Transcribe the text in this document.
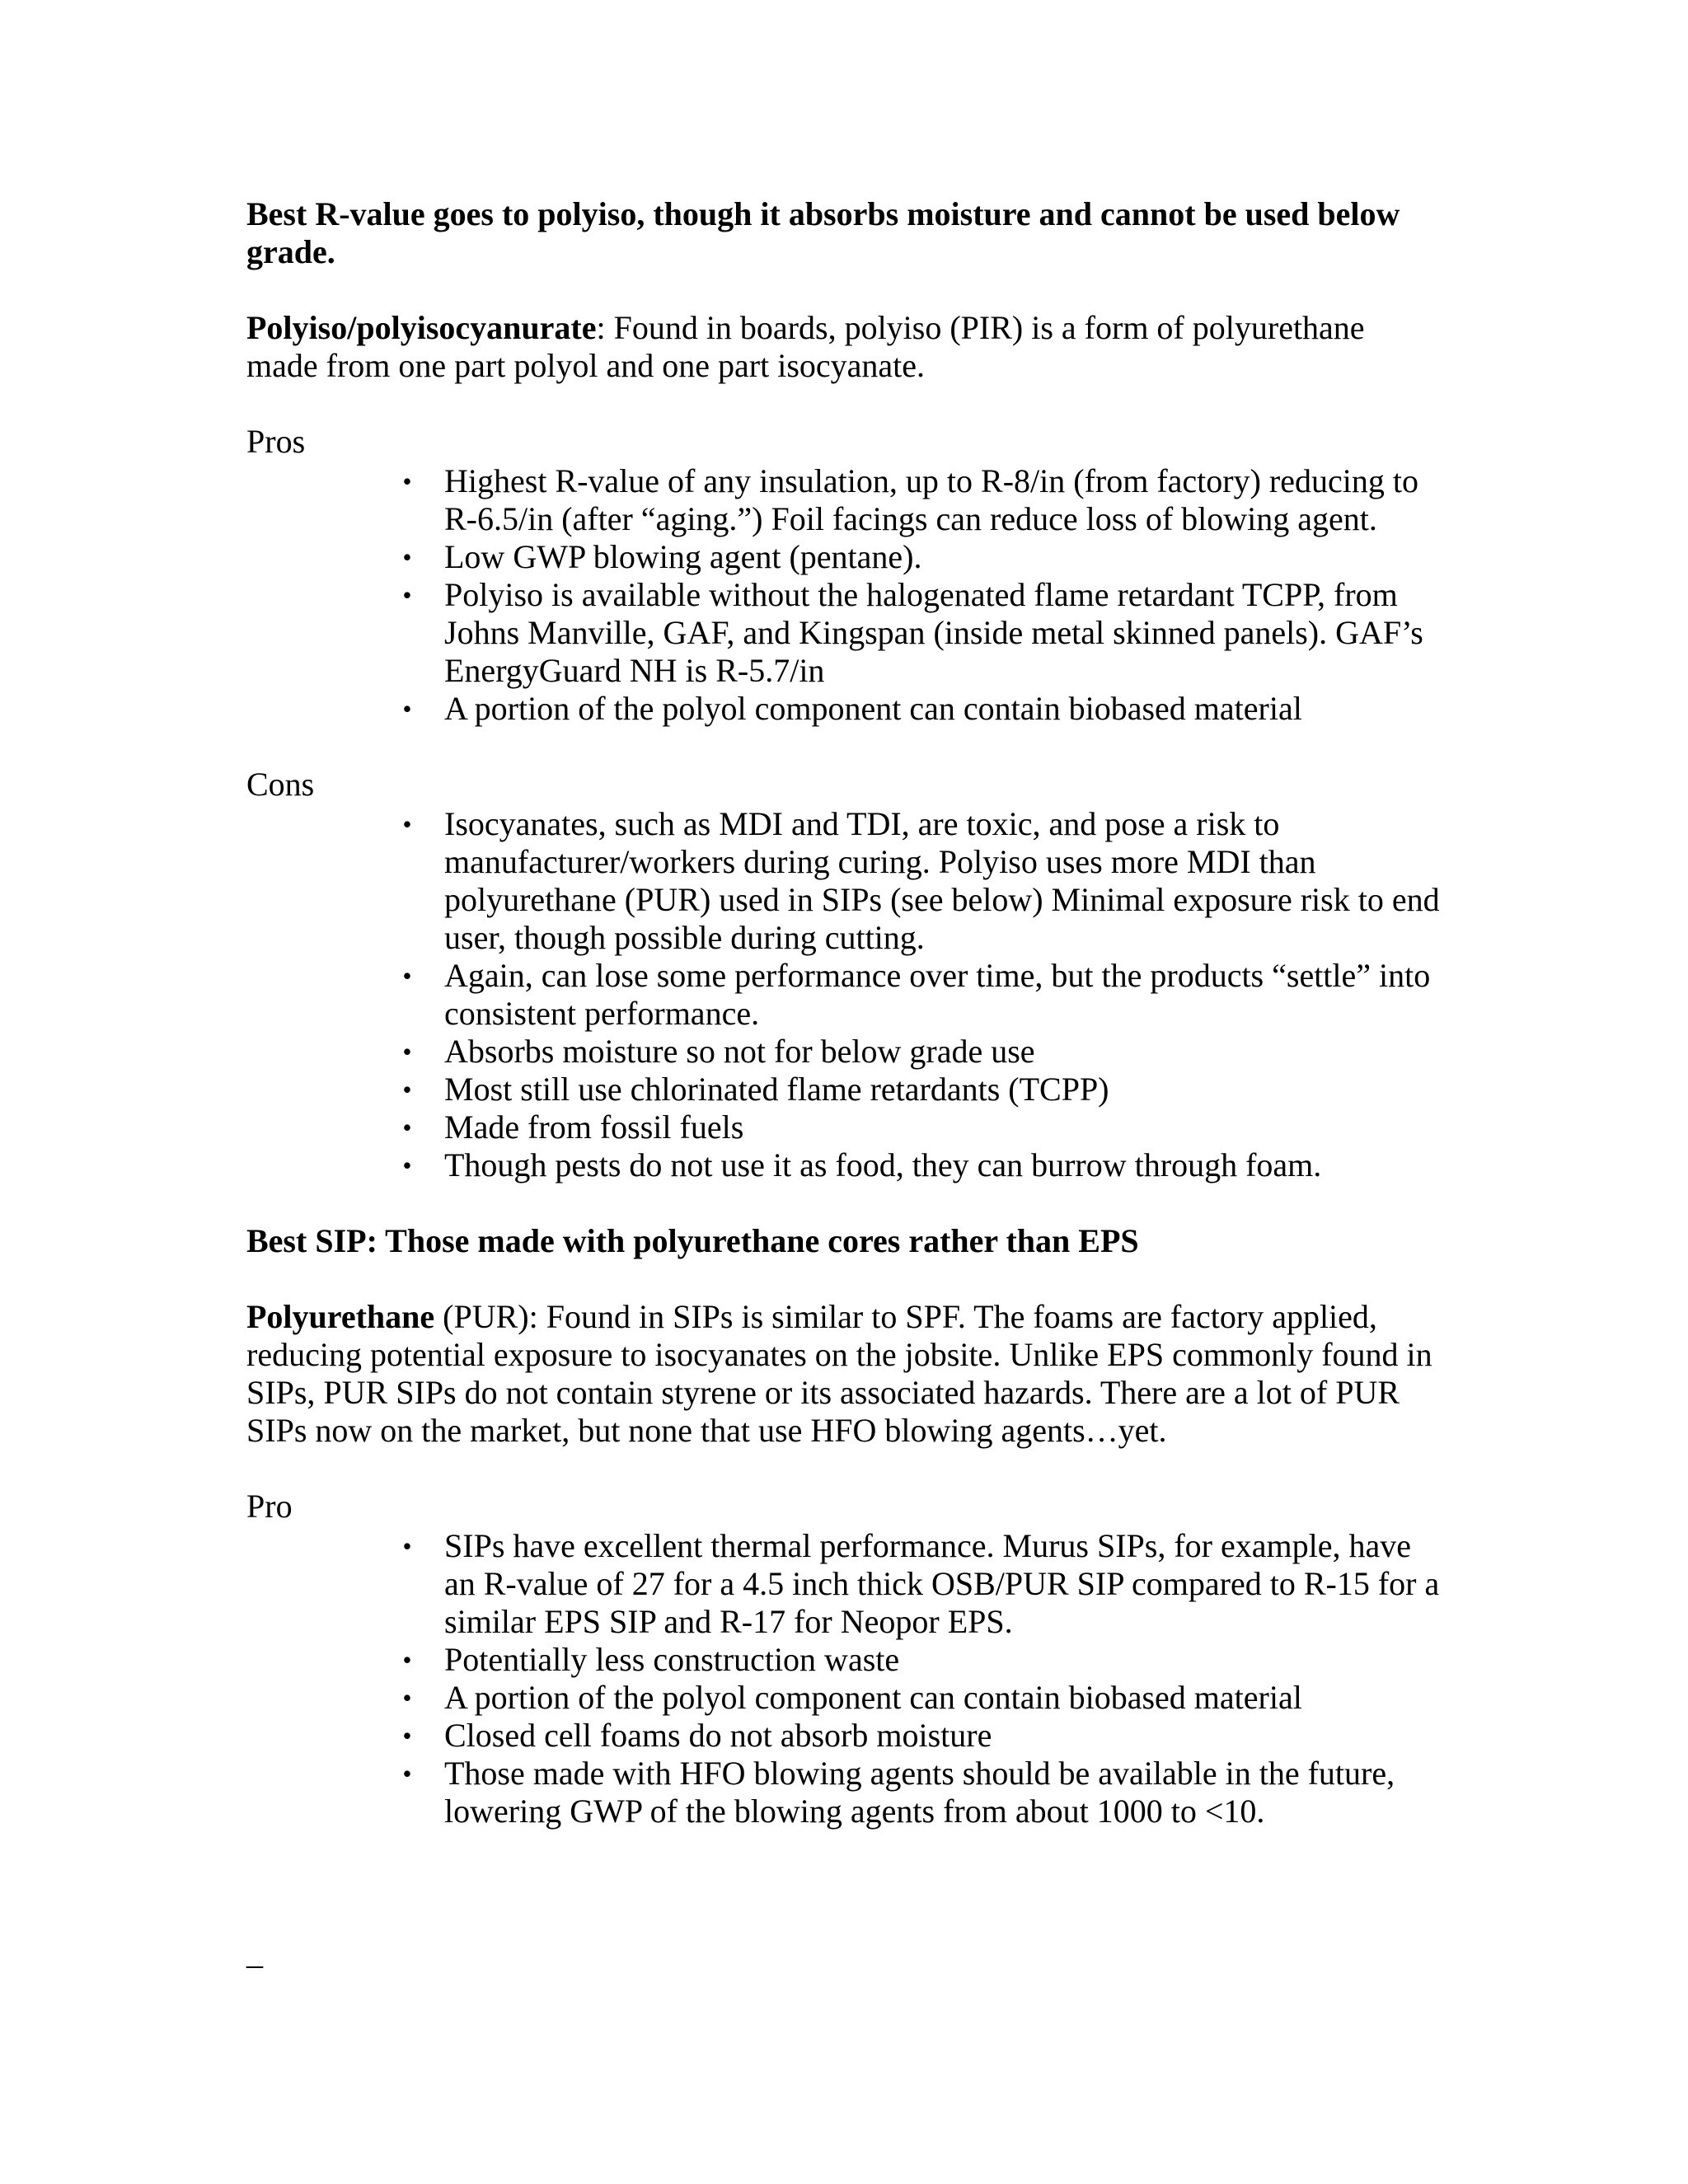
Best R-value goes to polyiso, though it absorbs moisture and cannot be used below grade.

Polyiso/polyisocyanurate: Found in boards, polyiso (PIR) is a form of polyurethane made from one part polyol and one part isocyanate.

Pros

• Highest R-value of any insulation, up to R-8/in (from factory) reducing to R-6.5/in (after “aging.”) Foil facings can reduce loss of blowing agent.
• Low GWP blowing agent (pentane).
• Polyiso is available without the halogenated flame retardant TCPP, from Johns Manville, GAF, and Kingspan (inside metal skinned panels). GAF’s EnergyGuard NH is R-5.7/in
• A portion of the polyol component can contain biobased material

Cons

• Isocyanates, such as MDI and TDI, are toxic, and pose a risk to manufacturer/workers during curing. Polyiso uses more MDI than polyurethane (PUR) used in SIPs (see below) Minimal exposure risk to end user, though possible during cutting.
• Again, can lose some performance over time, but the products “settle” into consistent performance.
• Absorbs moisture so not for below grade use
• Most still use chlorinated flame retardants (TCPP)
• Made from fossil fuels
• Though pests do not use it as food, they can burrow through foam.

Best SIP: Those made with polyurethane cores rather than EPS

Polyurethane (PUR): Found in SIPs is similar to SPF. The foams are factory applied, reducing potential exposure to isocyanates on the jobsite. Unlike EPS commonly found in SIPs, PUR SIPs do not contain styrene or its associated hazards. There are a lot of PUR SIPs now on the market, but none that use HFO blowing agents…yet.

Pro

• SIPs have excellent thermal performance. Murus SIPs, for example, have an R-value of 27 for a 4.5 inch thick OSB/PUR SIP compared to R-15 for a similar EPS SIP and R-17 for Neopor EPS.
• Potentially less construction waste
• A portion of the polyol component can contain biobased material
• Closed cell foams do not absorb moisture
• Those made with HFO blowing agents should be available in the future, lowering GWP of the blowing agents from about 1000 to <10.

_
